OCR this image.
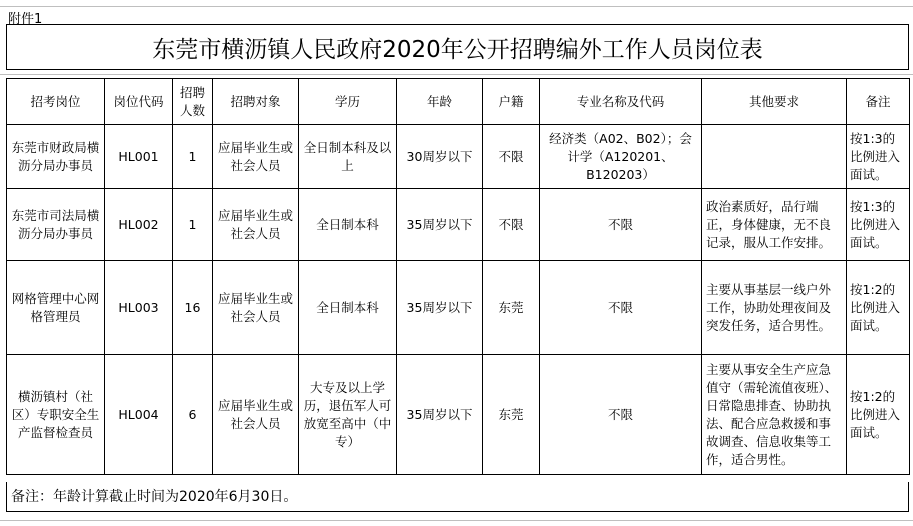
附件1
东莞市横沥镇人民政府2020年公开招聘编外工作人员岗位表
招考岗位	岗位代码	招聘人数	招聘对象	学历	年龄	户籍	专业名称及代码	其他要求	备注
东莞市财政局横沥分局办事员	HL001	1	应届毕业生或社会人员	全日制本科及以上	30周岁以下	不限	经济类（A02、B02）；会计学（A120201、B120203）		按1:3的比例进入面试。
东莞市司法局横沥分局办事员	HL002	1	应届毕业生或社会人员	全日制本科	35周岁以下	不限	不限	政治素质好，品行端正，身体健康，无不良记录，服从工作安排。	按1:3的比例进入面试。
网格管理中心网格管理员	HL003	16	应届毕业生或社会人员	全日制本科	35周岁以下	东莞	不限	主要从事基层一线户外工作，协助处理夜间及突发任务，适合男性。	按1:2的比例进入面试。
横沥镇村（社区）专职安全生产监督检查员	HL004	6	应届毕业生或社会人员	大专及以上学历，退伍军人可放宽至高中（中专）	35周岁以下	东莞	不限	主要从事安全生产应急值守（需轮流值夜班）、日常隐患排查、协助执法、配合应急救援和事故调查、信息收集等工作，适合男性。	按1:2的比例进入面试。
备注：年龄计算截止时间为2020年6月30日。
